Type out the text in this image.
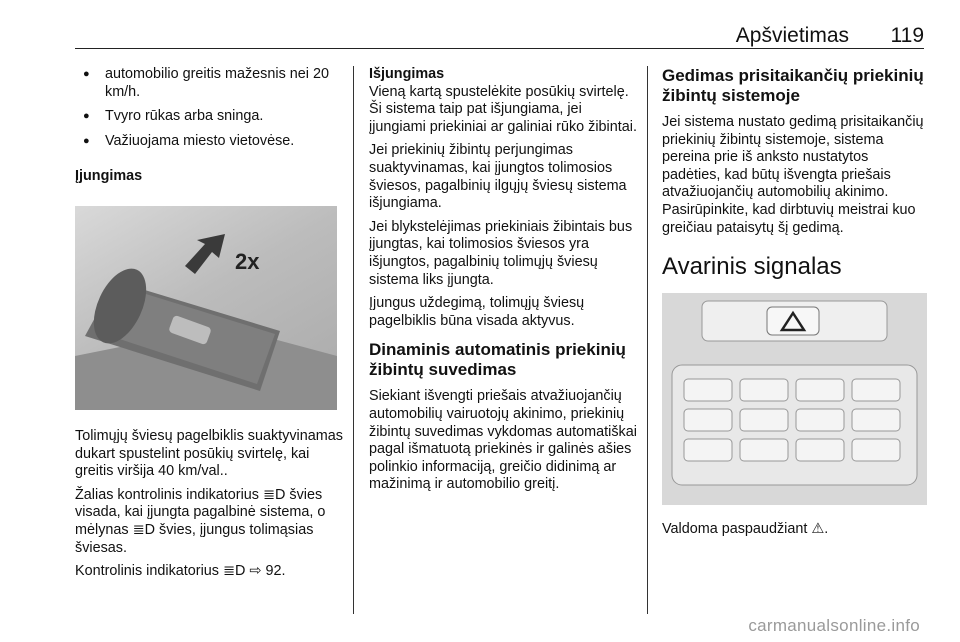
Apšvietimas 119
● automobilio greitis mažesnis nei 20 km/h.
● Tvyro rūkas arba sninga.
● Važiuojama miesto vietovėse.
Įjungimas
2x

Tolimųjų šviesų pagelbiklis suaktyvinamas dukart spustelint posūkių svirtelę, kai greitis viršija 40 km/val..

Žalias kontrolinis indikatorius ≣D švies visada, kai įjungta pagalbinė sistema, o mėlynas ≣D švies, įjungus tolimąsias šviesas.

Kontrolinis indikatorius ≣D ⇨ 92.

Išjungimas

Vieną kartą spustelėkite posūkių svirtelę. Ši sistema taip pat išjungiama, jei įjungiami priekiniai ar galiniai rūko žibintai.

Jei priekinių žibintų perjungimas suaktyvinamas, kai įjungtos tolimosios šviesos, pagalbinių ilgųjų šviesų sistema išjungiama.

Jei blykstelėjimas priekiniais žibintais bus įjungtas, kai tolimosios šviesos yra išjungtos, pagalbinių tolimųjų šviesų sistema liks įjungta.

Įjungus uždegimą, tolimųjų šviesų pagelbiklis būna visada aktyvus.

Dinaminis automatinis priekinių žibintų suvedimas

Siekiant išvengti priešais atvažiuojančių automobilių vairuotojų akinimo, priekinių žibintų suvedimas vykdomas automatiškai pagal išmatuotą priekinės ir galinės ašies polinkio informaciją, greičio didinimą ar mažinimą ir automobilio greitį.

Gedimas prisitaikančių priekinių žibintų sistemoje

Jei sistema nustato gedimą prisitaikančių priekinių žibintų sistemoje, sistema pereina prie iš anksto nustatytos padėties, kad būtų išvengta priešais atvažiuojančių automobilių akinimo. Pasirūpinkite, kad dirbtuvių meistrai kuo greičiau pataisytų šį gedimą.

Avarinis signalas

Valdoma paspaudžiant ⚠.

carmanualsonline.info
